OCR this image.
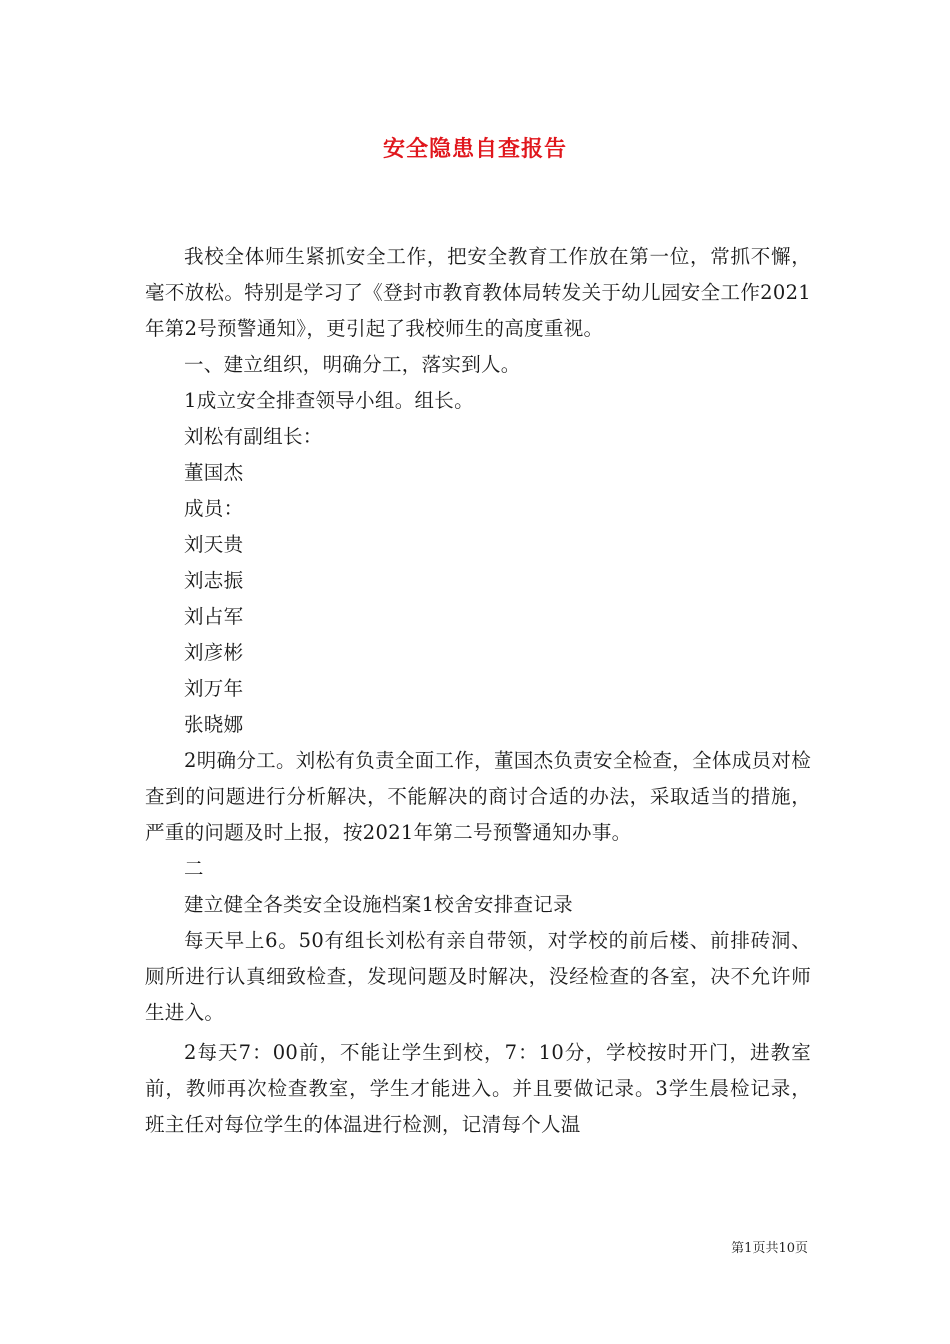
安全隐患自查报告

我校全体师生紧抓安全工作，把安全教育工作放在第一位，常抓不懈，毫不放松。特别是学习了《登封市教育教体局转发关于幼儿园安全工作2021年第2号预警通知》，更引起了我校师生的高度重视。

一、建立组织，明确分工，落实到人。

1成立安全排查领导小组。组长。

刘松有副组长：

董国杰

成员：

刘天贵

刘志振

刘占军

刘彦彬

刘万年

张晓娜

2明确分工。刘松有负责全面工作，董国杰负责安全检查，全体成员对检查到的问题进行分析解决，不能解决的商讨合适的办法，采取适当的措施，严重的问题及时上报，按2021年第二号预警通知办事。

二

建立健全各类安全设施档案1校舍安排查记录

每天早上6。50有组长刘松有亲自带领，对学校的前后楼、前排砖洞、厕所进行认真细致检查，发现问题及时解决，没经检查的各室，决不允许师生进入。

2每天7：00前，不能让学生到校，7：10分，学校按时开门，进教室前，教师再次检查教室，学生才能进入。并且要做记录。3学生晨检记录，班主任对每位学生的体温进行检测，记清每个人温

第1页共10页
